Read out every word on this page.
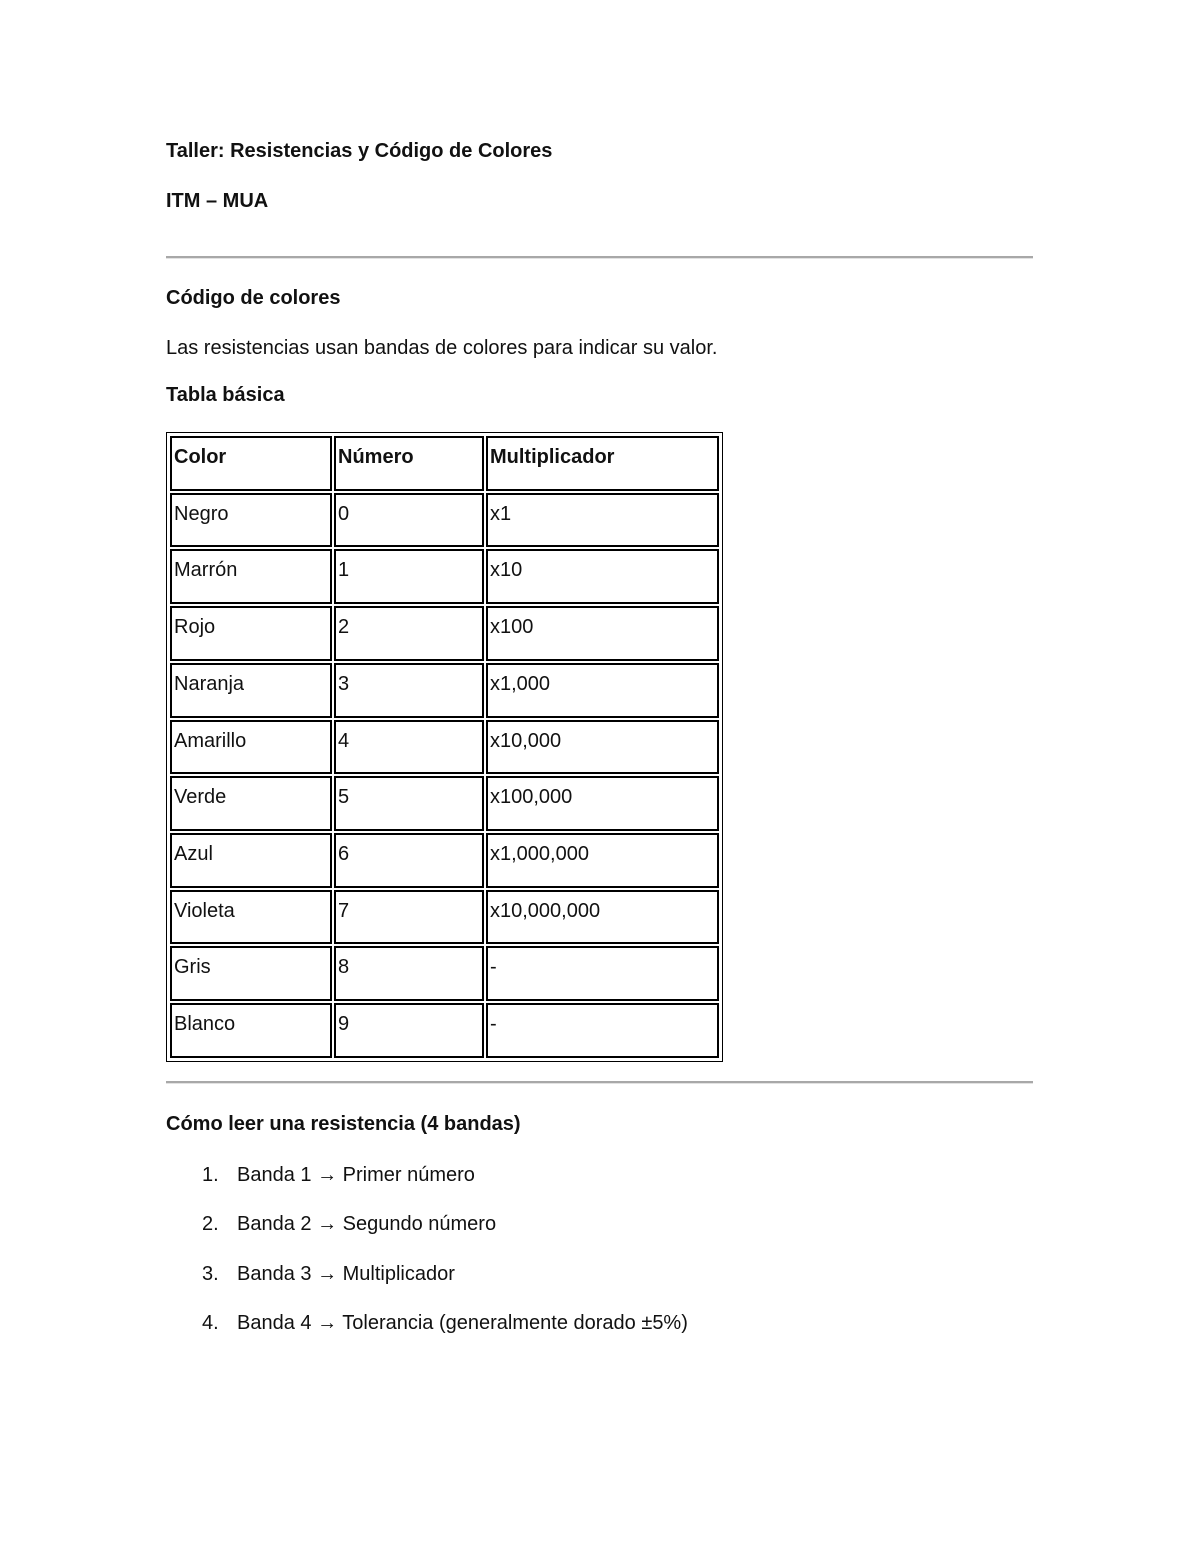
Taller: Resistencias y Código de Colores
ITM – MUA
Código de colores
Las resistencias usan bandas de colores para indicar su valor.
Tabla básica
Color	Número	Multiplicador
Negro	0	x1
Marrón	1	x10
Rojo	2	x100
Naranja	3	x1,000
Amarillo	4	x10,000
Verde	5	x100,000
Azul	6	x1,000,000
Violeta	7	x10,000,000
Gris	8	-
Blanco	9	-
Cómo leer una resistencia (4 bandas)
1. Banda 1 → Primer número
2. Banda 2 → Segundo número
3. Banda 3 → Multiplicador
4. Banda 4 → Tolerancia (generalmente dorado ±5%)
